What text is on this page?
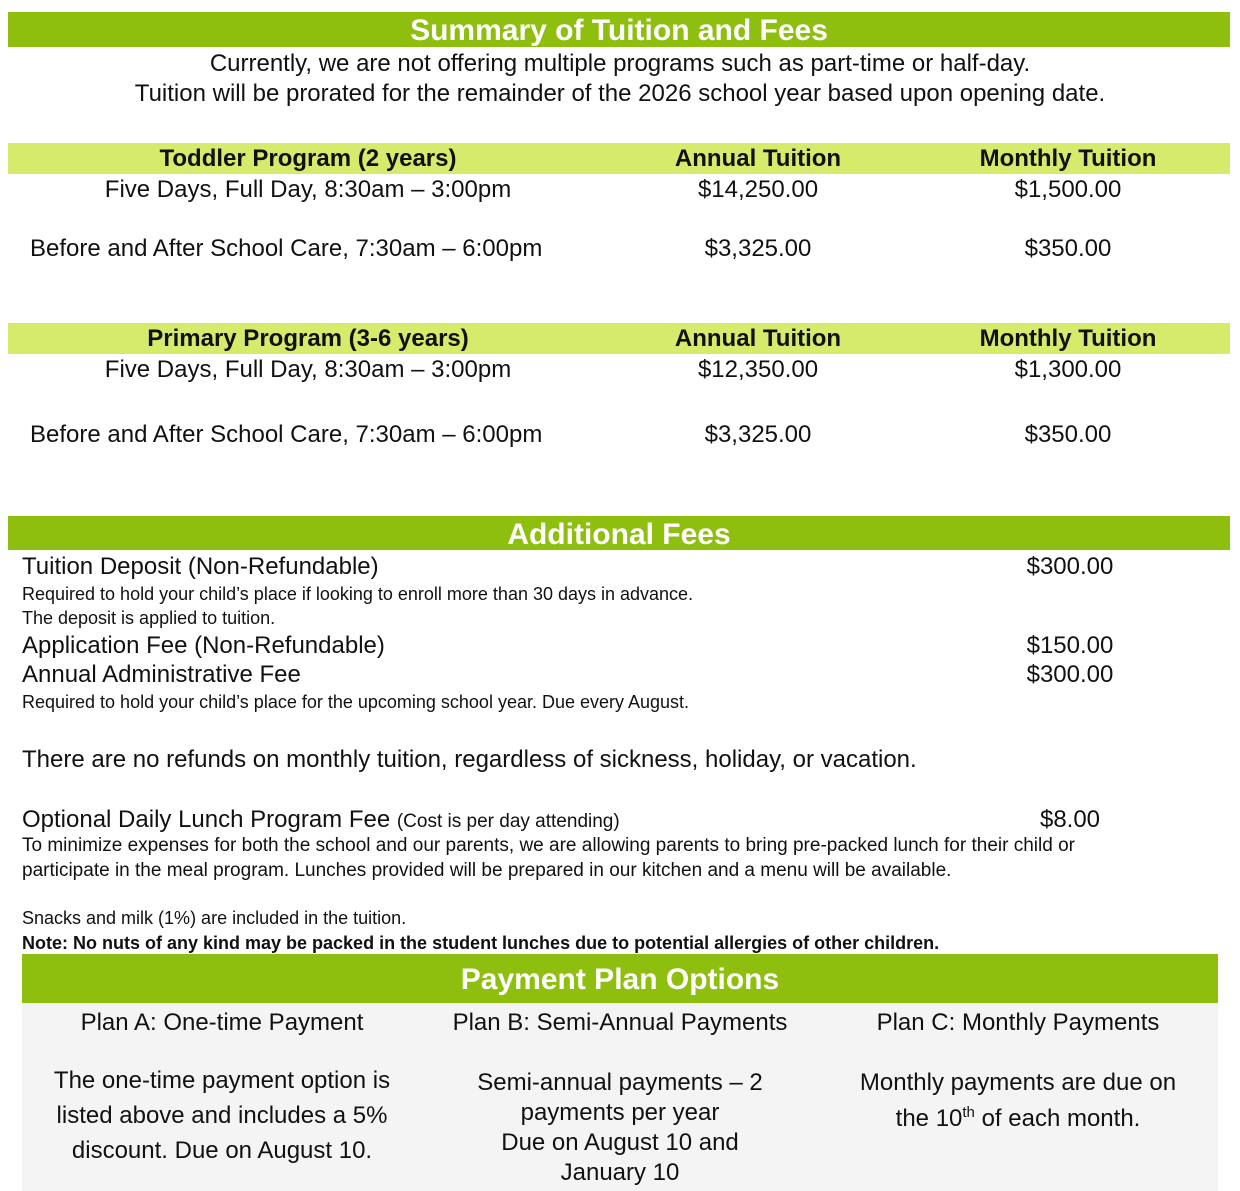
Summary of Tuition and Fees
Currently, we are not offering multiple programs such as part-time or half-day.
Tuition will be prorated for the remainder of the 2026 school year based upon opening date.
Toddler Program (2 years)	Annual Tuition	Monthly Tuition
Five Days, Full Day, 8:30am – 3:00pm	$14,250.00	$1,500.00
Before and After School Care, 7:30am – 6:00pm	$3,325.00	$350.00
Primary Program (3-6 years)	Annual Tuition	Monthly Tuition
Five Days, Full Day, 8:30am – 3:00pm	$12,350.00	$1,300.00
Before and After School Care, 7:30am – 6:00pm	$3,325.00	$350.00
Additional Fees
Tuition Deposit (Non-Refundable)	$300.00
Required to hold your child’s place if looking to enroll more than 30 days in advance.
The deposit is applied to tuition.
Application Fee (Non-Refundable)	$150.00
Annual Administrative Fee	$300.00
Required to hold your child’s place for the upcoming school year. Due every August.
There are no refunds on monthly tuition, regardless of sickness, holiday, or vacation.
Optional Daily Lunch Program Fee (Cost is per day attending)	$8.00
To minimize expenses for both the school and our parents, we are allowing parents to bring pre-packed lunch for their child or
participate in the meal program. Lunches provided will be prepared in our kitchen and a menu will be available.
Snacks and milk (1%) are included in the tuition.
Note: No nuts of any kind may be packed in the student lunches due to potential allergies of other children.
Payment Plan Options
Plan A: One-time Payment
The one-time payment option is
listed above and includes a 5%
discount. Due on August 10.
Plan B: Semi-Annual Payments
Semi-annual payments – 2
payments per year
Due on August 10 and
January 10
Plan C: Monthly Payments
Monthly payments are due on
the 10th of each month.
